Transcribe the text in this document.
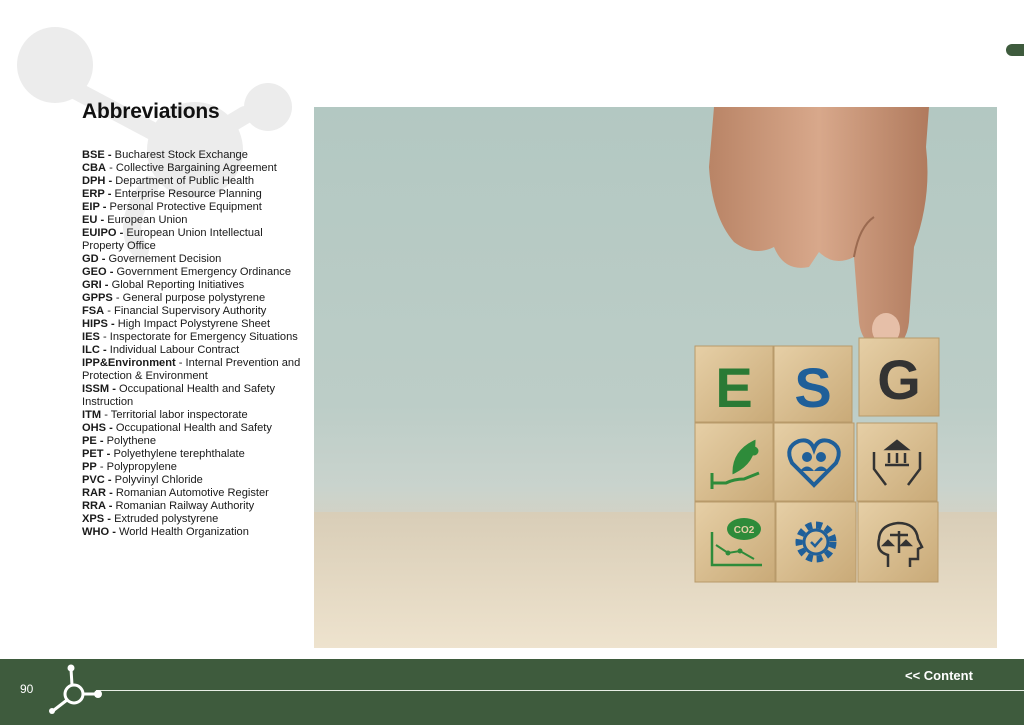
Abbreviations
BSE - Bucharest Stock Exchange
CBA - Collective Bargaining Agreement
DPH - Department of Public Health
ERP - Enterprise Resource Planning
EIP - Personal Protective Equipment
EU - European Union
EUIPO - European Union Intellectual Property Office
GD - Governement Decision
GEO - Government Emergency Ordinance
GRI - Global Reporting Initiatives
GPPS - General purpose polystyrene
FSA - Financial Supervisory Authority
HIPS - High Impact Polystyrene Sheet
IES - Inspectorate for Emergency Situations
ILC - Individual Labour Contract
IPP&Environment - Internal Prevention and Protection & Environment
ISSM - Occupational Health and Safety Instruction
ITM - Territorial labor inspectorate
OHS - Occupational Health and Safety
PE - Polythene
PET - Polyethylene terephthalate
PP - Polypropylene
PVC - Polyvinyl Chloride
RAR - Romanian Automotive Register
RRA - Romanian Railway Authority
XPS - Extruded polystyrene
WHO - World Health Organization
E S G
CO2
90
<< Content
